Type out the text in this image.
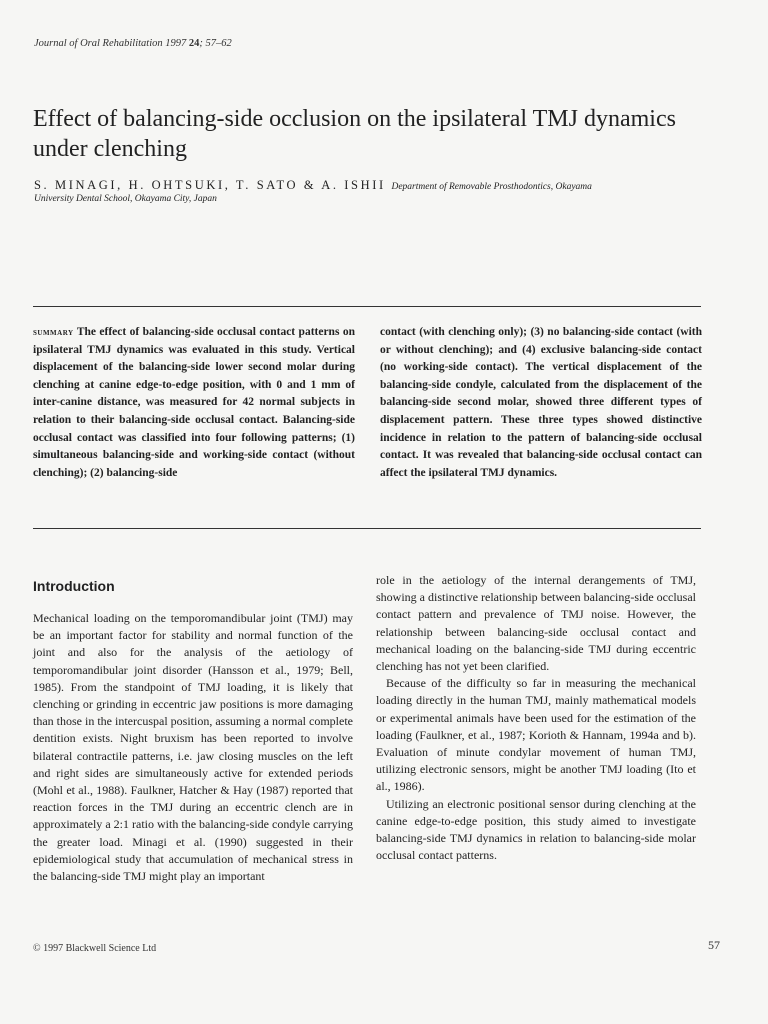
Journal of Oral Rehabilitation 1997 24; 57–62
Effect of balancing-side occlusion on the ipsilateral TMJ dynamics under clenching
S. MINAGI, H. OHTSUKI, T. SATO & A. ISHII Department of Removable Prosthodontics, Okayama
University Dental School, Okayama City, Japan
summary The effect of balancing-side occlusal contact patterns on ipsilateral TMJ dynamics was evaluated in this study. Vertical displacement of the balancing-side lower second molar during clenching at canine edge-to-edge position, with 0 and 1 mm of inter-canine distance, was measured for 42 normal subjects in relation to their balancing-side occlusal contact. Balancing-side occlusal contact was classified into four following patterns; (1) simultaneous balancing-side and working-side contact (without clenching); (2) balancing-side
contact (with clenching only); (3) no balancing-side contact (with or without clenching); and (4) exclusive balancing-side contact (no working-side contact). The vertical displacement of the balancing-side condyle, calculated from the displacement of the balancing-side second molar, showed three different types of displacement pattern. These three types showed distinctive incidence in relation to the pattern of balancing-side occlusal contact. It was revealed that balancing-side occlusal contact can affect the ipsilateral TMJ dynamics.
Introduction

Mechanical loading on the temporomandibular joint (TMJ) may be an important factor for stability and normal function of the joint and also for the analysis of the aetiology of temporomandibular joint disorder (Hansson et al., 1979; Bell, 1985). From the standpoint of TMJ loading, it is likely that clenching or grinding in eccentric jaw positions is more damaging than those in the intercuspal position, assuming a normal complete dentition exists. Night bruxism has been reported to involve bilateral contractile patterns, i.e. jaw closing muscles on the left and right sides are simultaneously active for extended periods (Mohl et al., 1988). Faulkner, Hatcher & Hay (1987) reported that reaction forces in the TMJ during an eccentric clench are in approximately a 2:1 ratio with the balancing-side condyle carrying the greater load. Minagi et al. (1990) suggested in their epidemiological study that accumulation of mechanical stress in the balancing-side TMJ might play an important

role in the aetiology of the internal derangements of TMJ, showing a distinctive relationship between balancing-side occlusal contact pattern and prevalence of TMJ noise. However, the relationship between balancing-side occlusal contact and mechanical loading on the balancing-side TMJ during eccentric clenching has not yet been clarified.

Because of the difficulty so far in measuring the mechanical loading directly in the human TMJ, mainly mathematical models or experimental animals have been used for the estimation of the loading (Faulkner, et al., 1987; Korioth & Hannam, 1994a and b). Evaluation of minute condylar movement of human TMJ, utilizing electronic sensors, might be another TMJ loading (Ito et al., 1986).

Utilizing an electronic positional sensor during clenching at the canine edge-to-edge position, this study aimed to investigate balancing-side TMJ dynamics in relation to balancing-side molar occlusal contact patterns.

© 1997 Blackwell Science Ltd	57
